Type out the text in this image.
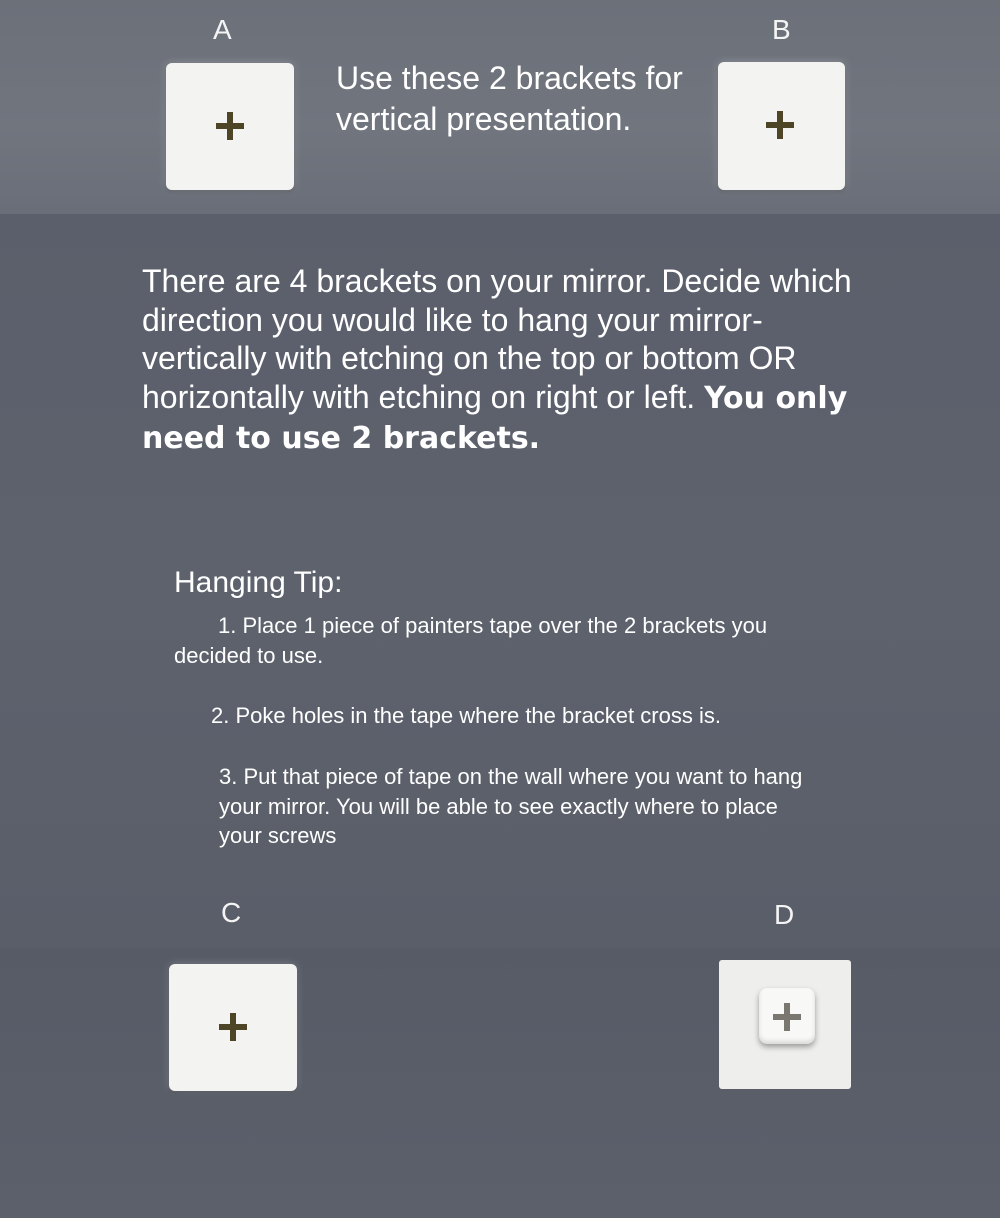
A	B
Use these 2 brackets for vertical presentation.
There are 4 brackets on your mirror. Decide which direction you would like to hang your mirror- vertically with etching on the top or bottom OR horizontally with etching on right or left. You only need to use 2 brackets.
Hanging Tip:
1. Place 1 piece of painters tape over the 2 brackets you decided to use.
2. Poke holes in the tape where the bracket cross is.
3. Put that piece of tape on the wall where you want to hang your mirror. You will be able to see exactly where to place your screws
C	D
